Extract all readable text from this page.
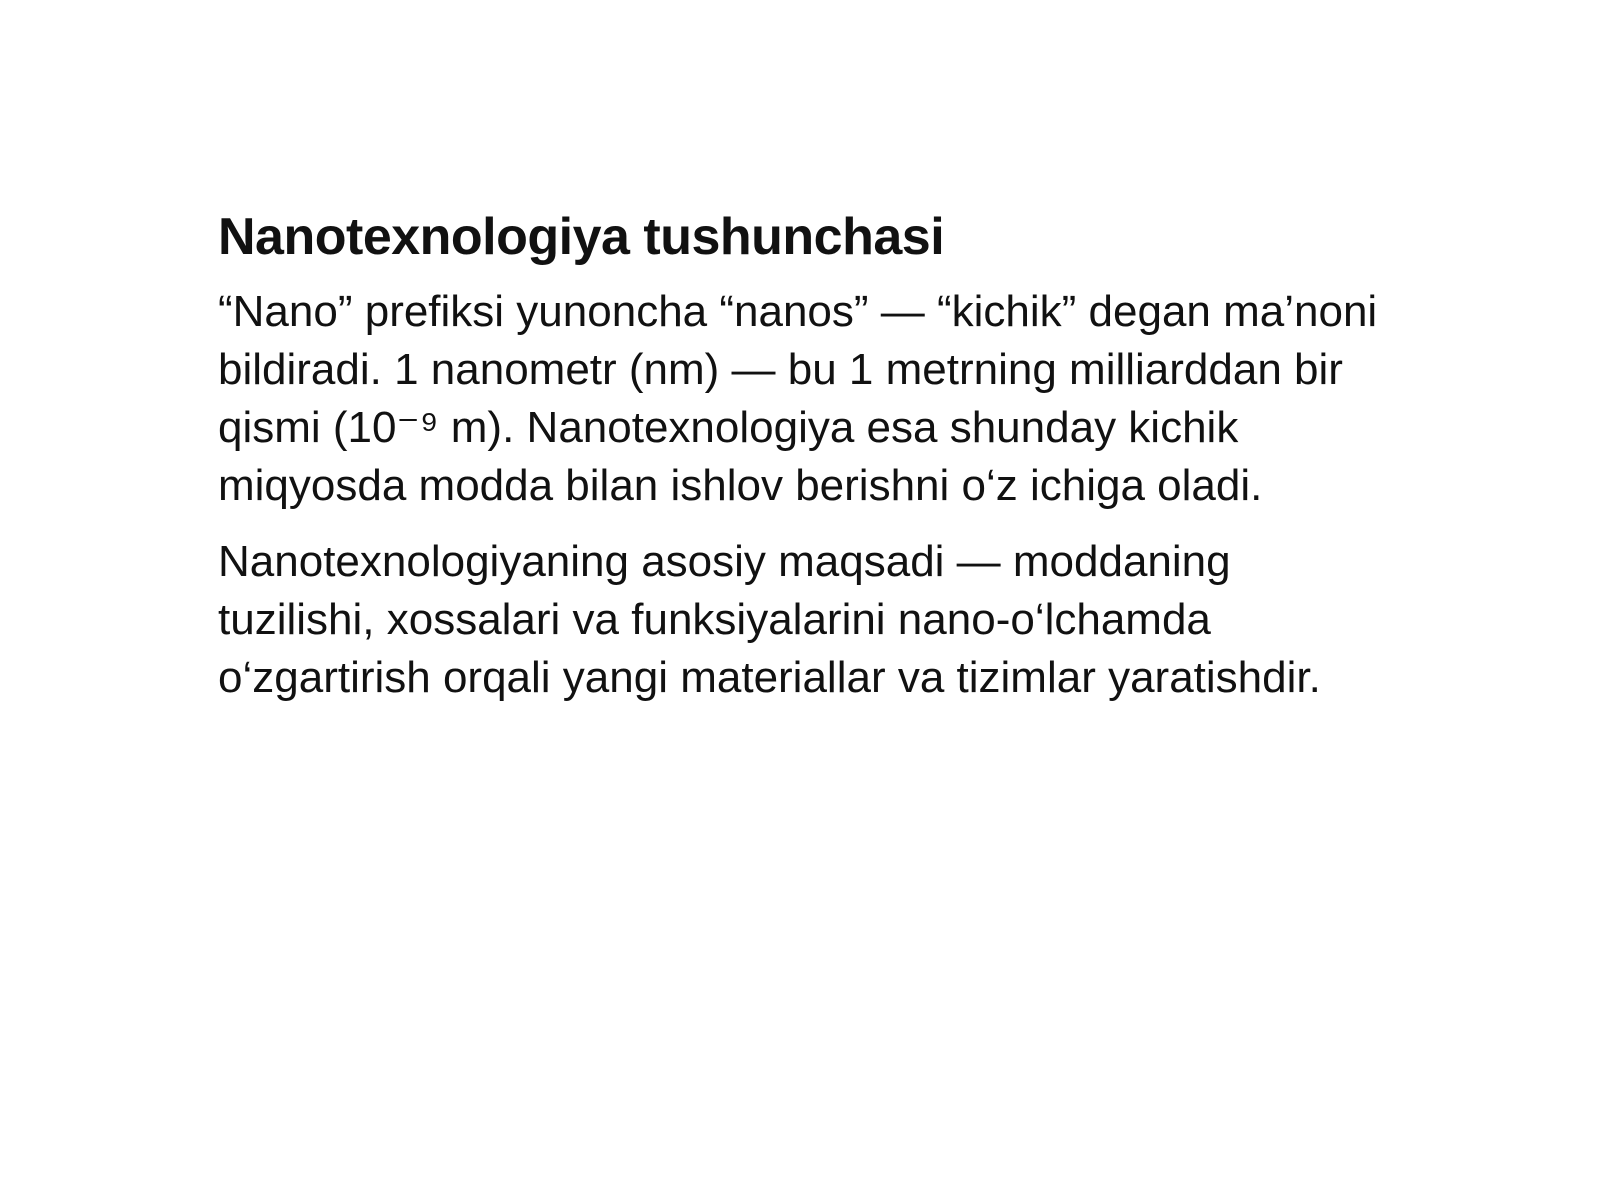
Nanotexnologiya tushunchasi

“Nano” prefiksi yunoncha “nanos” — “kichik” degan ma’noni bildiradi. 1 nanometr (nm) — bu 1 metrning milliarddan bir qismi (10⁻⁹ m). Nanotexnologiya esa shunday kichik miqyosda modda bilan ishlov berishni o‘z ichiga oladi.

Nanotexnologiyaning asosiy maqsadi — moddaning tuzilishi, xossalari va funksiyalarini nano-o‘lchamda o‘zgartirish orqali yangi materiallar va tizimlar yaratishdir.
